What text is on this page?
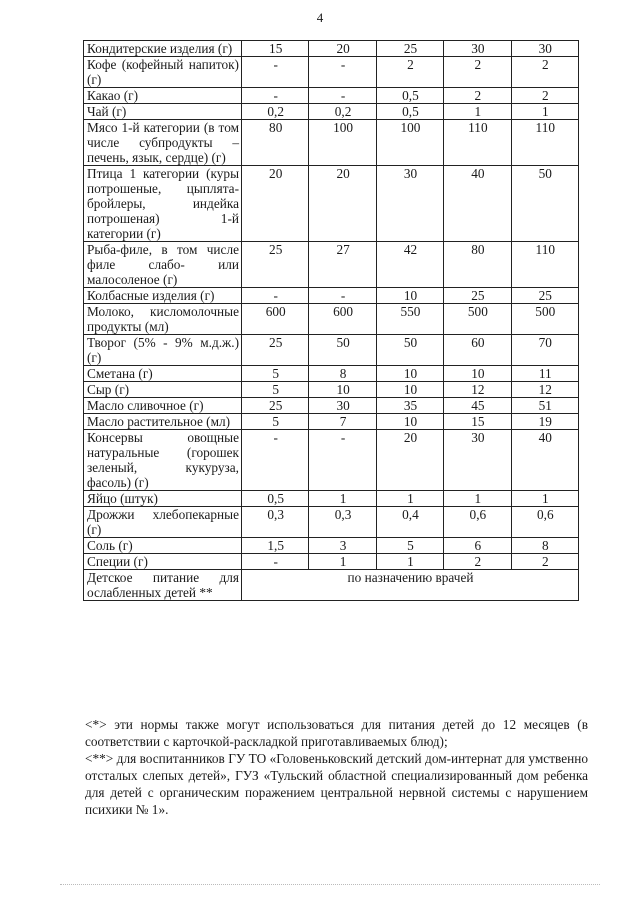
4
Кондитерские изделия (г)	15	20	25	30	30
Кофе (кофейный напиток) (г)	-	-	2	2	2
Какао (г)	-	-	0,5	2	2
Чай (г)	0,2	0,2	0,5	1	1
Мясо 1-й категории (в том числе субпродукты – печень, язык, сердце) (г)	80	100	100	110	110
Птица 1 категории (куры потрошеные, цыплята-бройлеры, индейка потрошеная) 1-й категории (г)	20	20	30	40	50
Рыба-филе, в том числе филе слабо- или малосоленое (г)	25	27	42	80	110
Колбасные изделия (г)	-	-	10	25	25
Молоко, кисломолочные продукты (мл)	600	600	550	500	500
Творог (5% - 9% м.д.ж.) (г)	25	50	50	60	70
Сметана (г)	5	8	10	10	11
Сыр (г)	5	10	10	12	12
Масло сливочное (г)	25	30	35	45	51
Масло растительное (мл)	5	7	10	15	19
Консервы овощные натуральные (горошек зеленый, кукуруза, фасоль) (г)	-	-	20	30	40
Яйцо (штук)	0,5	1	1	1	1
Дрожжи хлебопекарные (г)	0,3	0,3	0,4	0,6	0,6
Соль (г)	1,5	3	5	6	8
Специи (г)	-	1	1	2	2
Детское питание для ослабленных детей **	по назначению врачей				

<*> эти нормы также могут использоваться для питания детей до 12 месяцев (в соответствии с карточкой-раскладкой приготавливаемых блюд);

<**> для воспитанников ГУ ТО «Головеньковский детский дом-интернат для умственно отсталых слепых детей», ГУЗ «Тульский областной специализированный дом ребенка для детей с органическим поражением центральной нервной системы с нарушением психики № 1».
